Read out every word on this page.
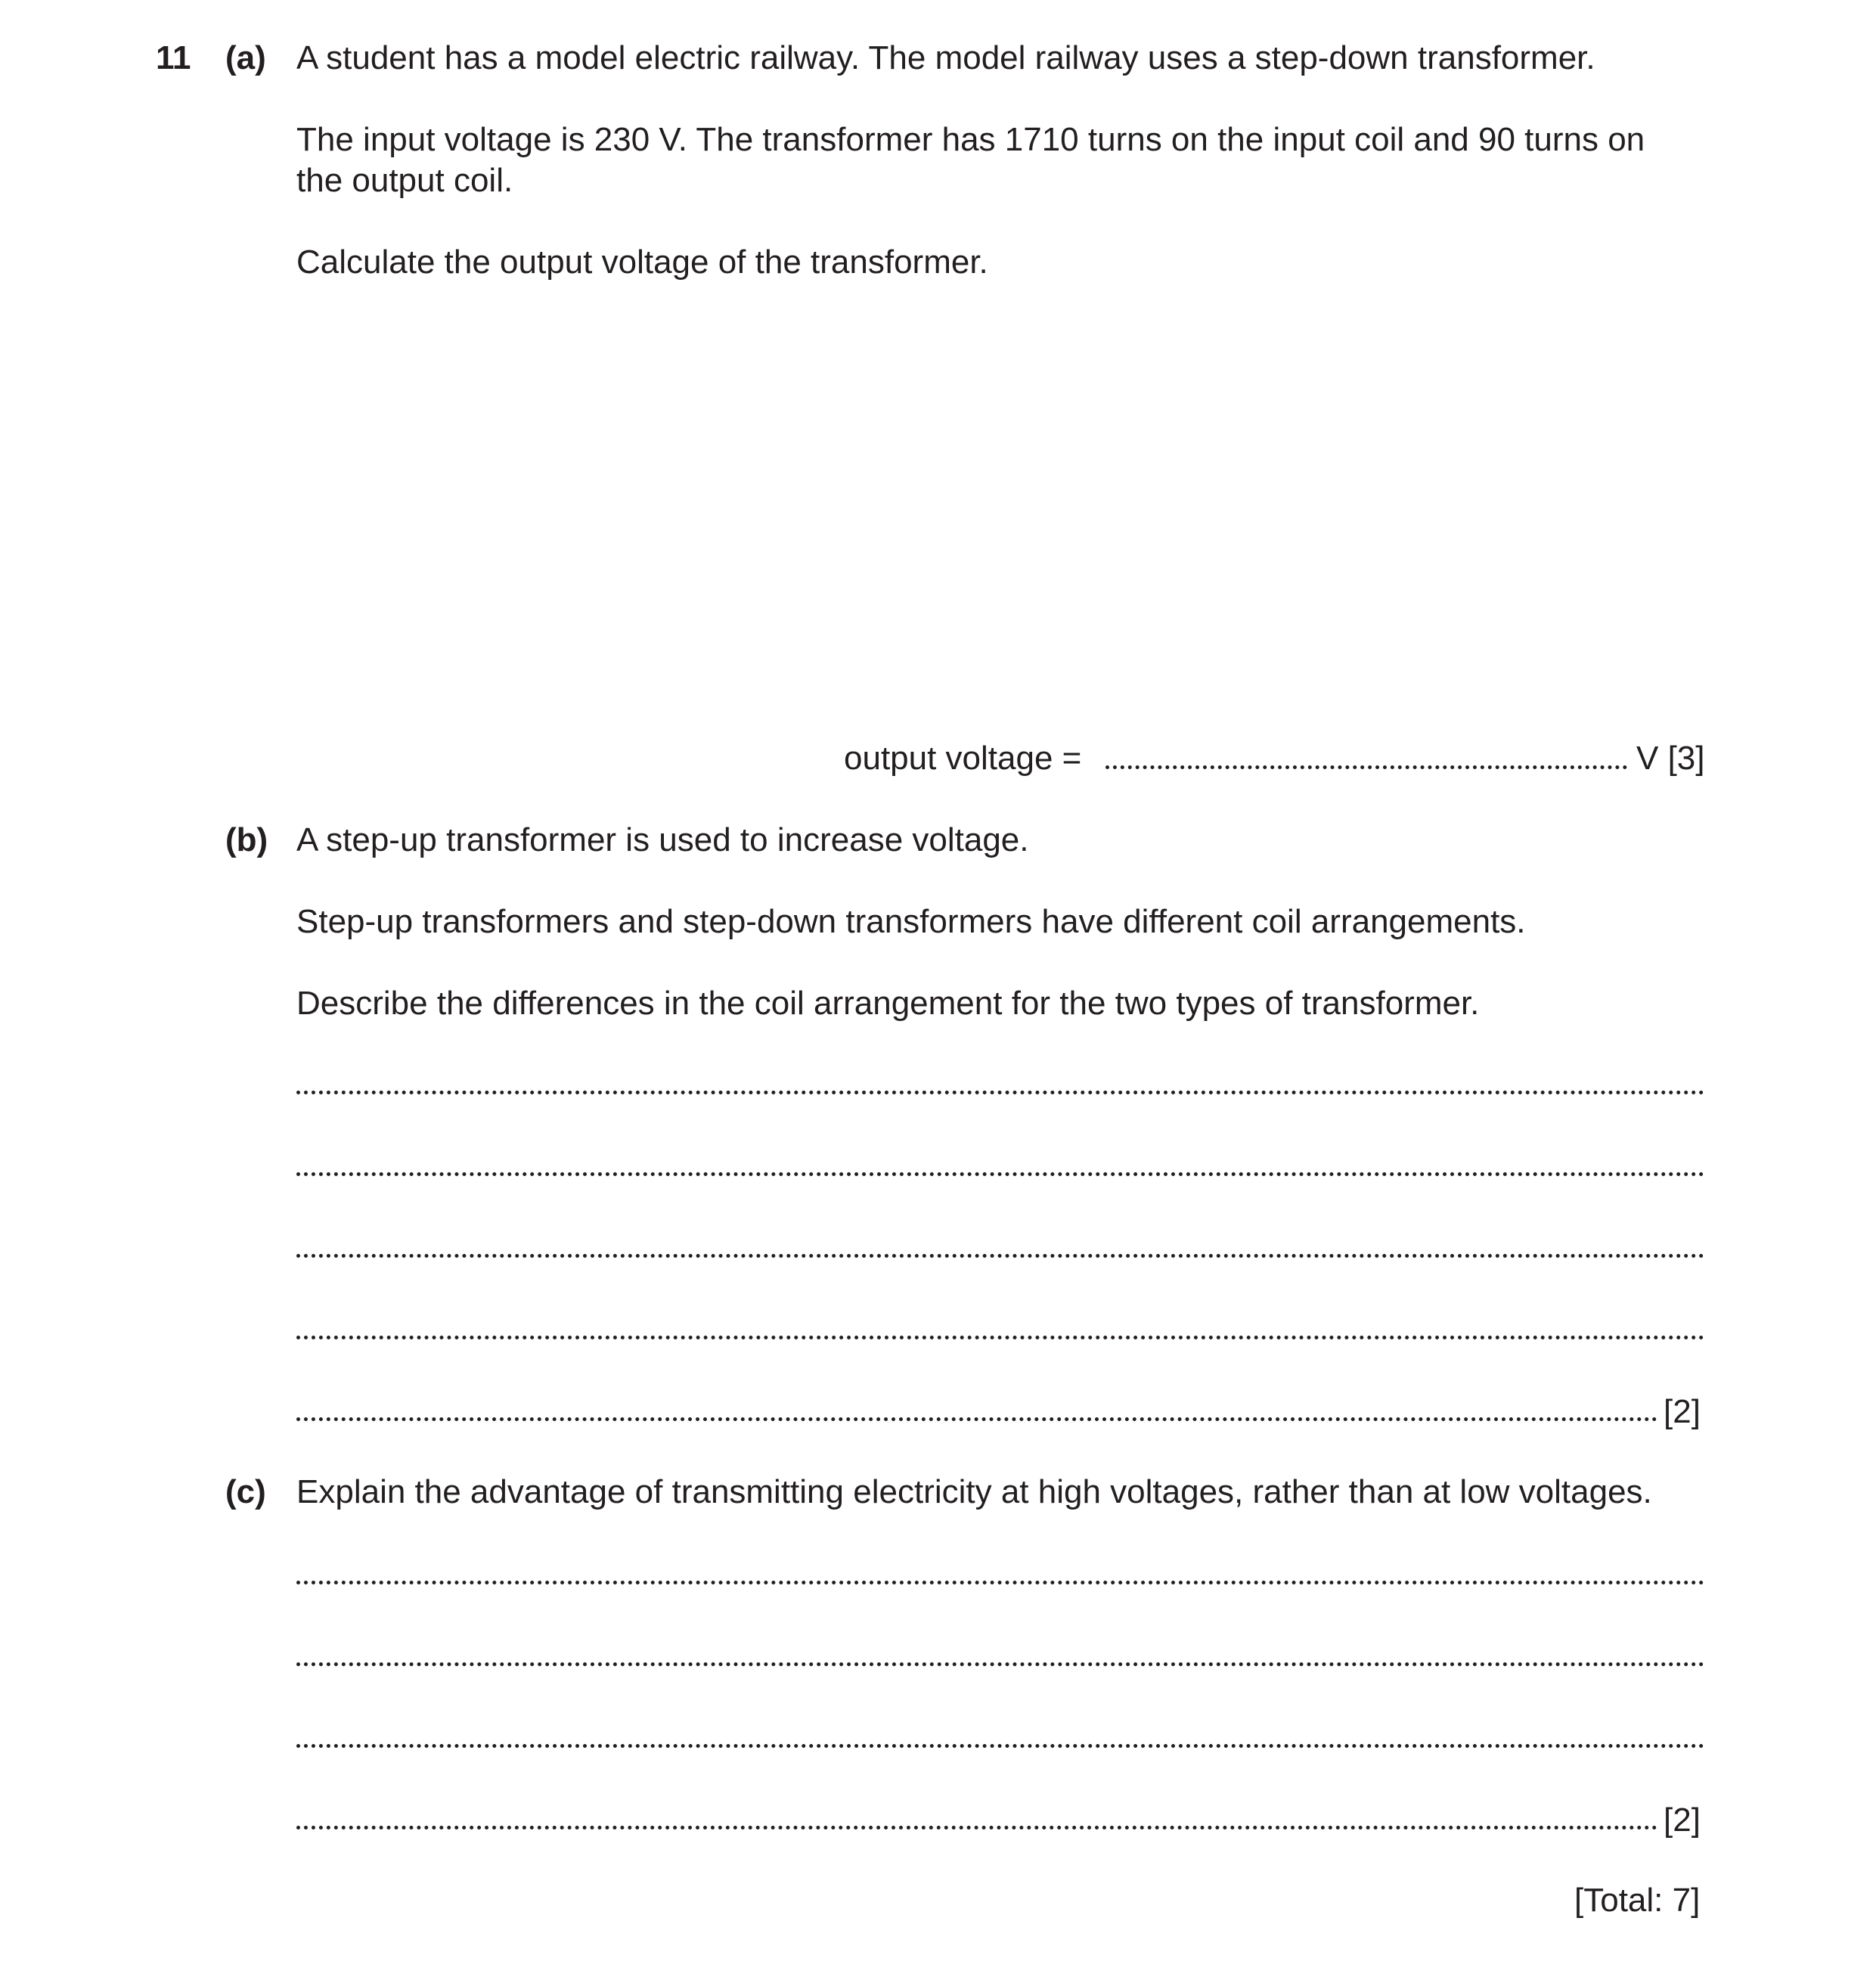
11 (a) A student has a model electric railway. The model railway uses a step-down transformer.
The input voltage is 230 V. The transformer has 1710 turns on the input coil and 90 turns on
the output coil.
Calculate the output voltage of the transformer.
output voltage =	V [3]
(b) A step-up transformer is used to increase voltage.
Step-up transformers and step-down transformers have different coil arrangements.
Describe the differences in the coil arrangement for the two types of transformer.
[2]
(c) Explain the advantage of transmitting electricity at high voltages, rather than at low voltages.
[2]
[Total: 7]
